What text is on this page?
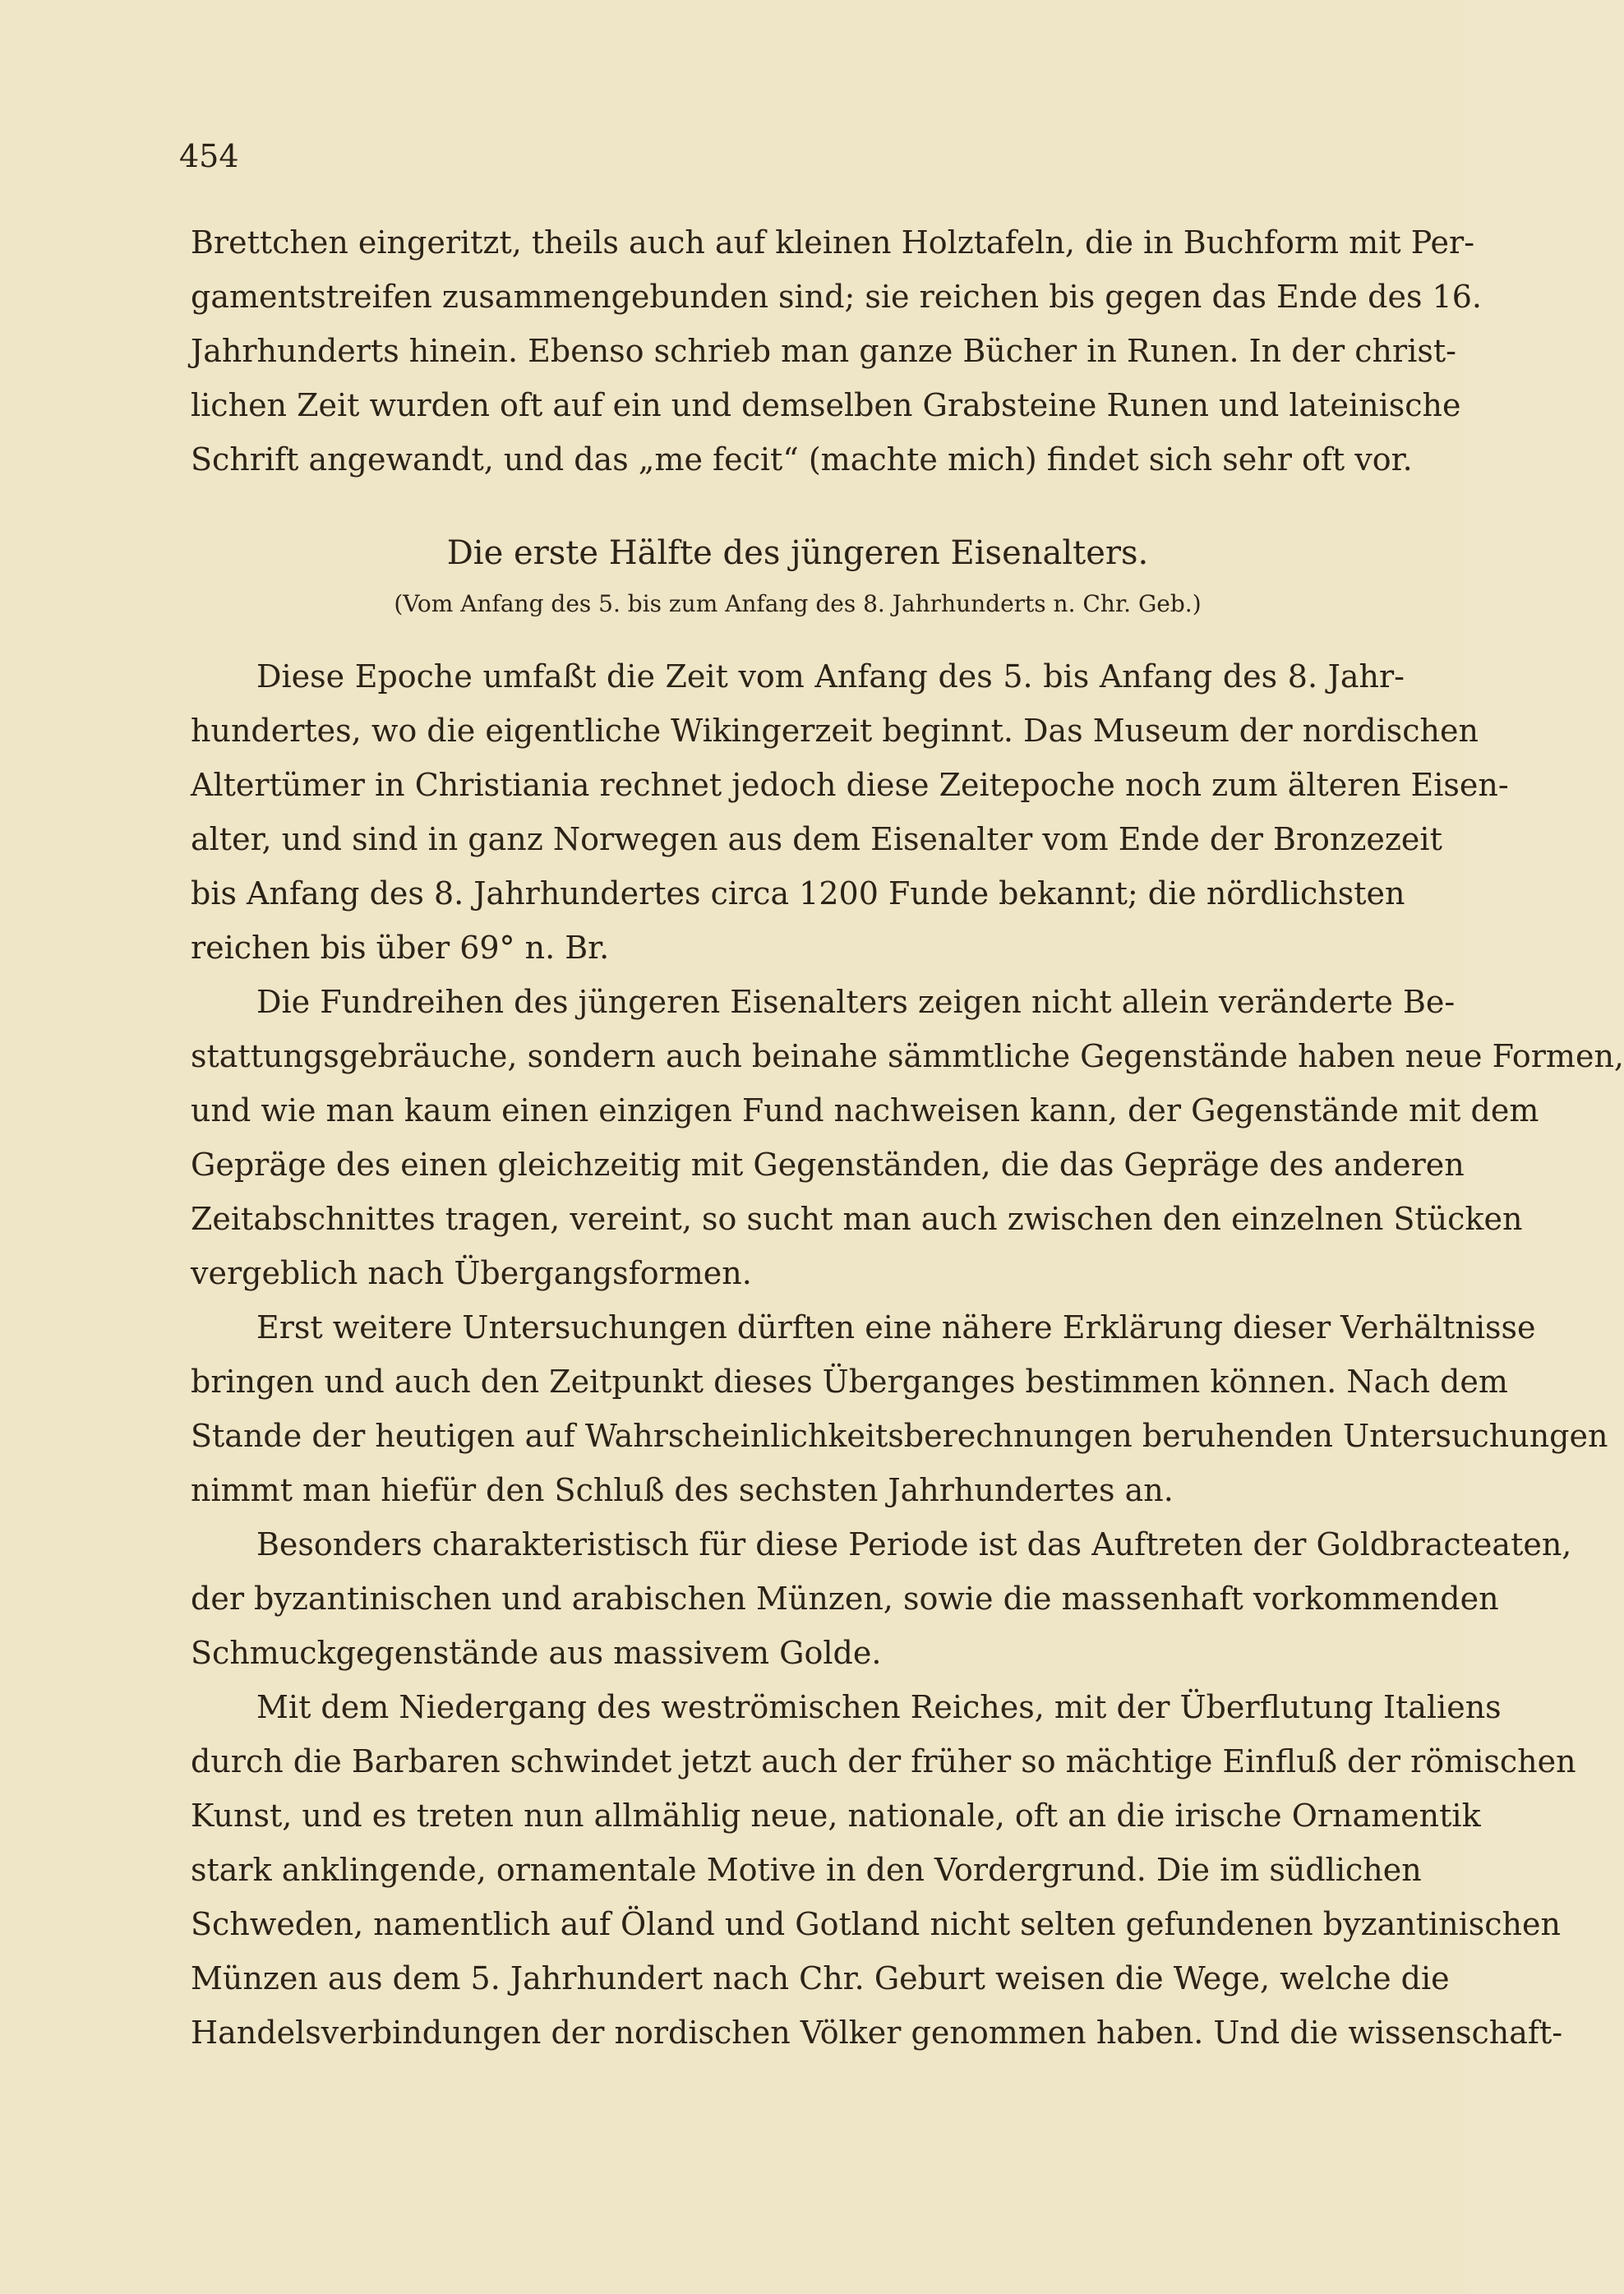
454
Brettchen eingeritzt, theils auch auf kleinen Holztafeln, die in Buchform mit Per-
gamentstreifen zusammengebunden sind; sie reichen bis gegen das Ende des 16.
Jahrhunderts hinein. Ebenso schrieb man ganze Bücher in Runen. In der christ-
lichen Zeit wurden oft auf ein und demselben Grabsteine Runen und lateinische
Schrift angewandt, und das „me fecit“ (machte mich) findet sich sehr oft vor.
Die erste Hälfte des jüngeren Eisenalters.
(Vom Anfang des 5. bis zum Anfang des 8. Jahrhunderts n. Chr. Geb.)
Diese Epoche umfaßt die Zeit vom Anfang des 5. bis Anfang des 8. Jahr-
hundertes, wo die eigentliche Wikingerzeit beginnt. Das Museum der nordischen
Altertümer in Christiania rechnet jedoch diese Zeitepoche noch zum älteren Eisen-
alter, und sind in ganz Norwegen aus dem Eisenalter vom Ende der Bronzezeit
bis Anfang des 8. Jahrhundertes circa 1200 Funde bekannt; die nördlichsten
reichen bis über 69° n. Br.
Die Fundreihen des jüngeren Eisenalters zeigen nicht allein veränderte Be-
stattungsgebräuche, sondern auch beinahe sämmtliche Gegenstände haben neue Formen,
und wie man kaum einen einzigen Fund nachweisen kann, der Gegenstände mit dem
Gepräge des einen gleichzeitig mit Gegenständen, die das Gepräge des anderen
Zeitabschnittes tragen, vereint, so sucht man auch zwischen den einzelnen Stücken
vergeblich nach Übergangsformen.
Erst weitere Untersuchungen dürften eine nähere Erklärung dieser Verhältnisse
bringen und auch den Zeitpunkt dieses Überganges bestimmen können. Nach dem
Stande der heutigen auf Wahrscheinlichkeitsberechnungen beruhenden Untersuchungen
nimmt man hiefür den Schluß des sechsten Jahrhundertes an.
Besonders charakteristisch für diese Periode ist das Auftreten der Goldbracteaten,
der byzantinischen und arabischen Münzen, sowie die massenhaft vorkommenden
Schmuckgegenstände aus massivem Golde.
Mit dem Niedergang des weströmischen Reiches, mit der Überflutung Italiens
durch die Barbaren schwindet jetzt auch der früher so mächtige Einfluß der römischen
Kunst, und es treten nun allmählig neue, nationale, oft an die irische Ornamentik
stark anklingende, ornamentale Motive in den Vordergrund. Die im südlichen
Schweden, namentlich auf Öland und Gotland nicht selten gefundenen byzantinischen
Münzen aus dem 5. Jahrhundert nach Chr. Geburt weisen die Wege, welche die
Handelsverbindungen der nordischen Völker genommen haben. Und die wissenschaft-
